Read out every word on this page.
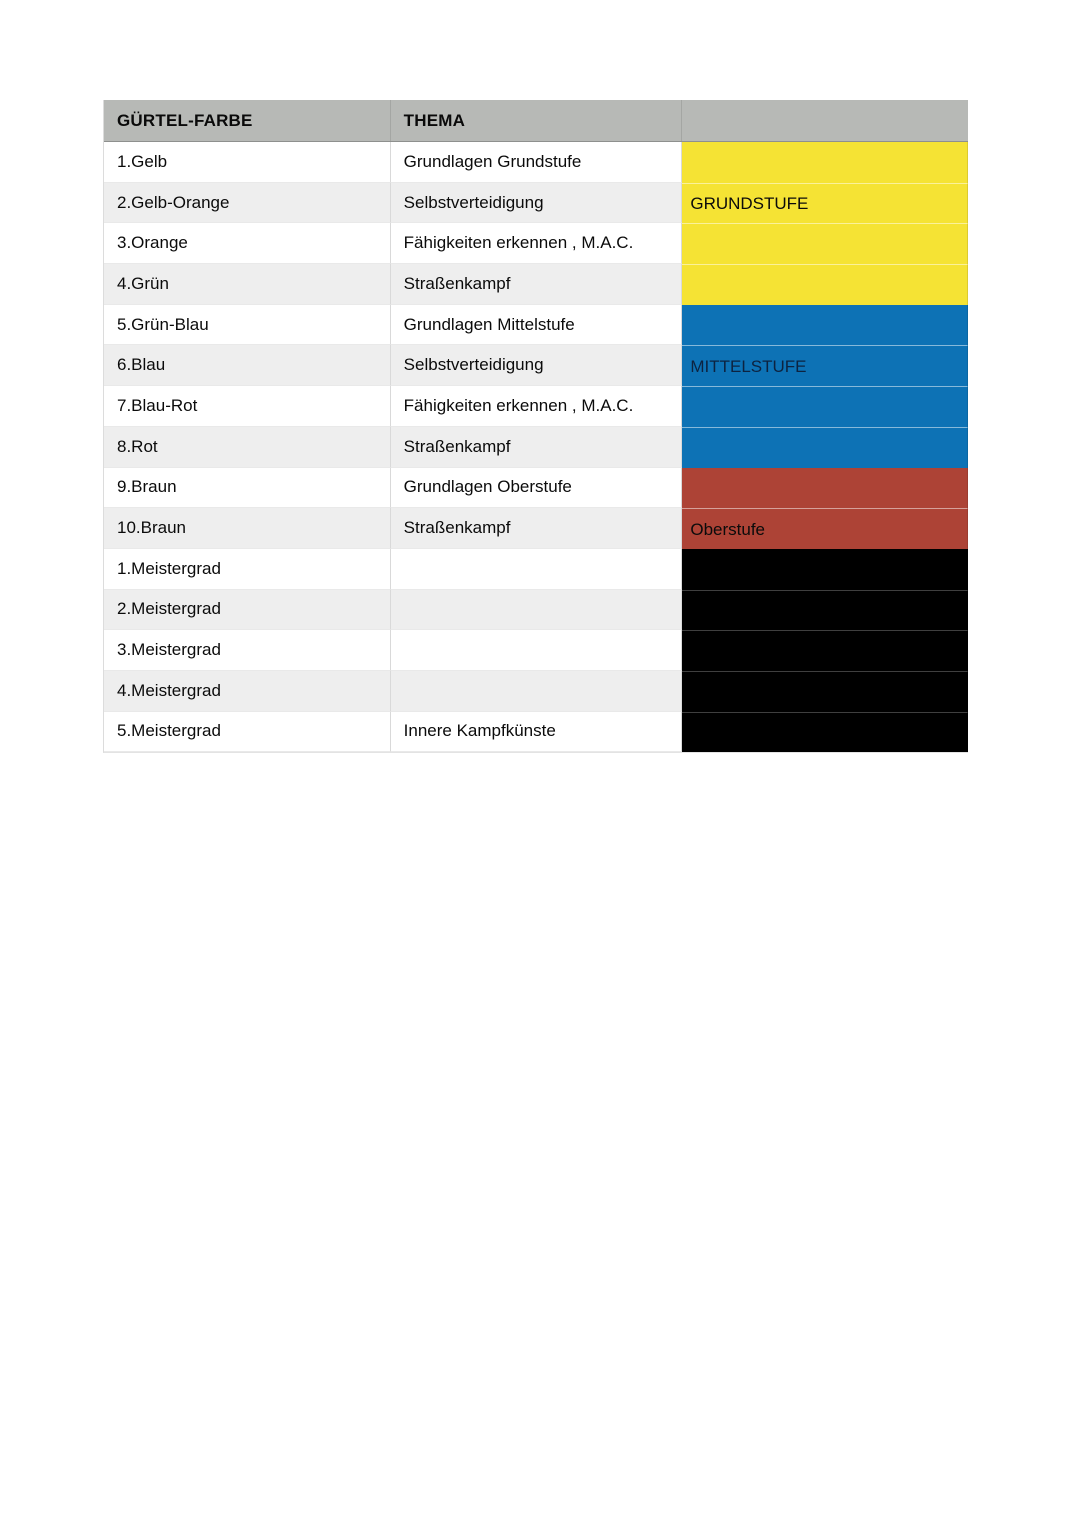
GÜRTEL-FARBE	THEMA
1.Gelb	Grundlagen Grundstufe
2.Gelb-Orange	Selbstverteidigung	GRUNDSTUFE
3.Orange	Fähigkeiten erkennen , M.A.C.
4.Grün	Straßenkampf
5.Grün-Blau	Grundlagen Mittelstufe
6.Blau	Selbstverteidigung	MITTELSTUFE
7.Blau-Rot	Fähigkeiten erkennen , M.A.C.
8.Rot	Straßenkampf
9.Braun	Grundlagen Oberstufe
10.Braun	Straßenkampf	Oberstufe
1.Meistergrad
2.Meistergrad
3.Meistergrad
4.Meistergrad
5.Meistergrad	Innere Kampfkünste
